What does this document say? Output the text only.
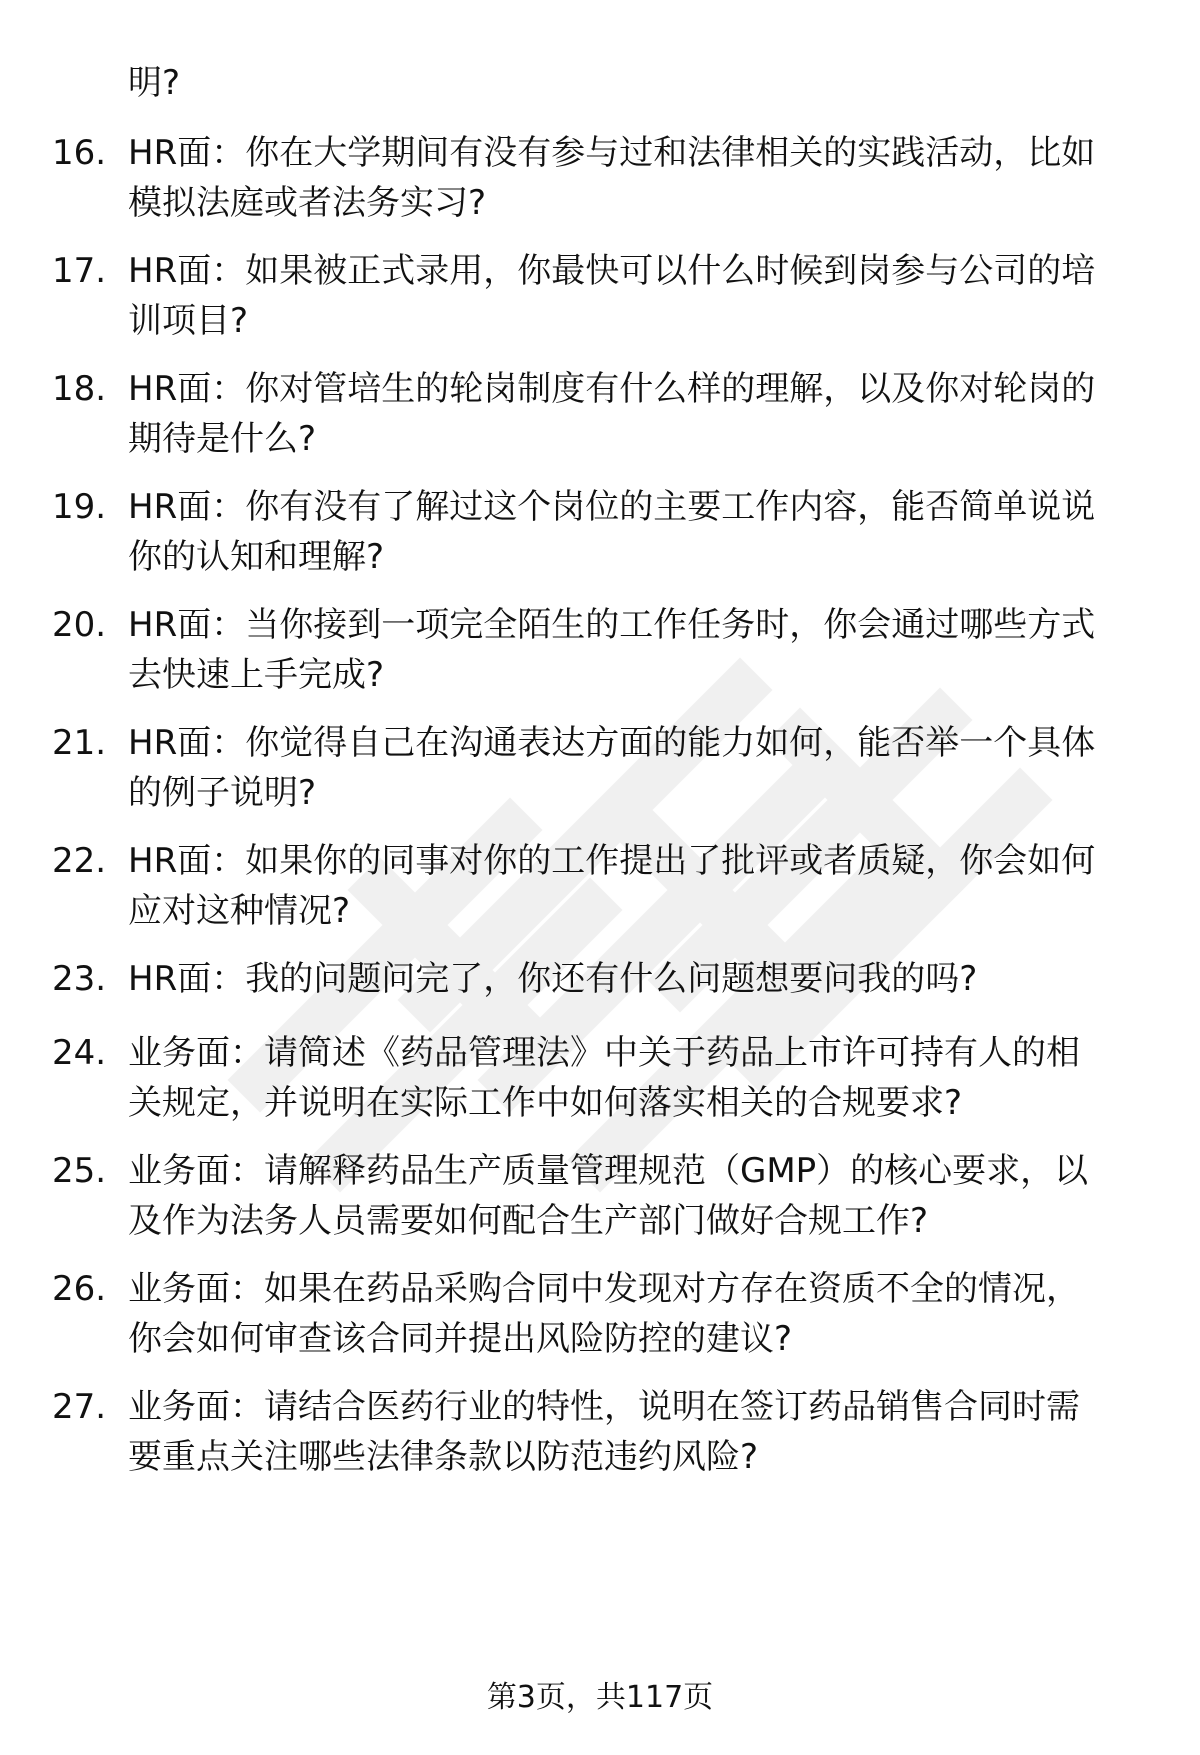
明?
16. HR面：你在大学期间有没有参与过和法律相关的实践活动，比如
模拟法庭或者法务实习?
17. HR面：如果被正式录用，你最快可以什么时候到岗参与公司的培
训项目?
18. HR面：你对管培生的轮岗制度有什么样的理解，以及你对轮岗的
期待是什么?
19. HR面：你有没有了解过这个岗位的主要工作内容，能否简单说说
你的认知和理解?
20. HR面：当你接到一项完全陌生的工作任务时，你会通过哪些方式
去快速上手完成?
21. HR面：你觉得自己在沟通表达方面的能力如何，能否举一个具体
的例子说明?
22. HR面：如果你的同事对你的工作提出了批评或者质疑，你会如何
应对这种情况?
23. HR面：我的问题问完了，你还有什么问题想要问我的吗?
24. 业务面：请简述《药品管理法》中关于药品上市许可持有人的相
关规定，并说明在实际工作中如何落实相关的合规要求?
25. 业务面：请解释药品生产质量管理规范（GMP）的核心要求，以
及作为法务人员需要如何配合生产部门做好合规工作?
26. 业务面：如果在药品采购合同中发现对方存在资质不全的情况，
你会如何审查该合同并提出风险防控的建议?
27. 业务面：请结合医药行业的特性，说明在签订药品销售合同时需
要重点关注哪些法律条款以防范违约风险?
第3页，共117页
